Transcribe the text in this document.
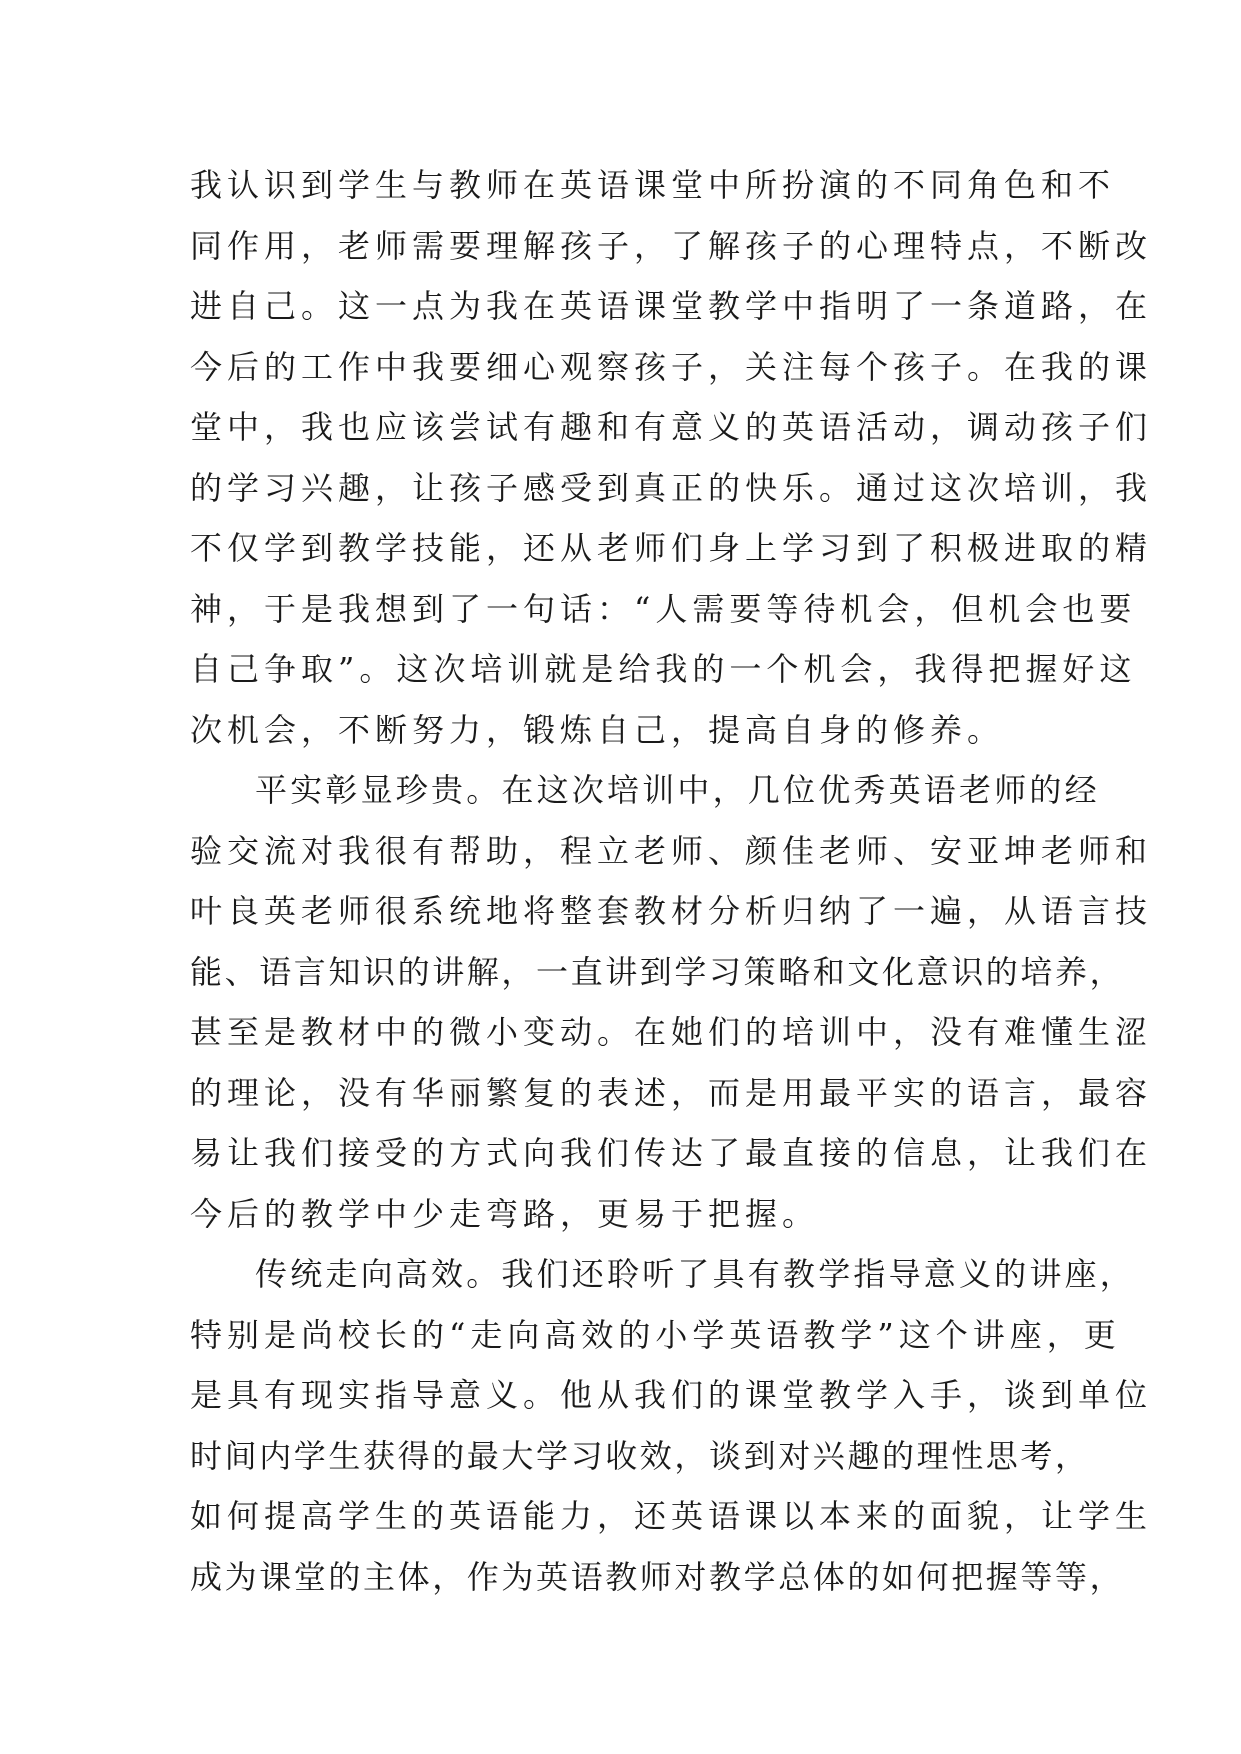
我认识到学生与教师在英语课堂中所扮演的不同角色和不
同作用，老师需要理解孩子，了解孩子的心理特点，不断改
进自己。这一点为我在英语课堂教学中指明了一条道路，在
今后的工作中我要细心观察孩子，关注每个孩子。在我的课
堂中，我也应该尝试有趣和有意义的英语活动，调动孩子们
的学习兴趣，让孩子感受到真正的快乐。通过这次培训，我
不仅学到教学技能，还从老师们身上学习到了积极进取的精
神，于是我想到了一句话：“人需要等待机会，但机会也要
自己争取”。这次培训就是给我的一个机会，我得把握好这
次机会，不断努力，锻炼自己，提高自身的修养。
平实彰显珍贵。在这次培训中，几位优秀英语老师的经
验交流对我很有帮助，程立老师、颜佳老师、安亚坤老师和
叶良英老师很系统地将整套教材分析归纳了一遍，从语言技
能、语言知识的讲解，一直讲到学习策略和文化意识的培养，
甚至是教材中的微小变动。在她们的培训中，没有难懂生涩
的理论，没有华丽繁复的表述，而是用最平实的语言，最容
易让我们接受的方式向我们传达了最直接的信息，让我们在
今后的教学中少走弯路，更易于把握。
传统走向高效。我们还聆听了具有教学指导意义的讲座，
特别是尚校长的“走向高效的小学英语教学”这个讲座，更
是具有现实指导意义。他从我们的课堂教学入手，谈到单位
时间内学生获得的最大学习收效，谈到对兴趣的理性思考，
如何提高学生的英语能力，还英语课以本来的面貌，让学生
成为课堂的主体，作为英语教师对教学总体的如何把握等等，
